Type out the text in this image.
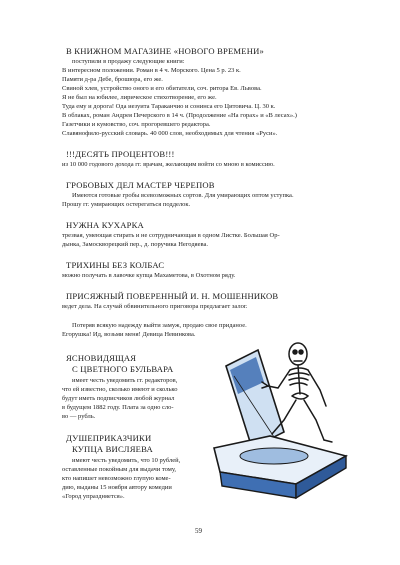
В КНИЖНОМ МАГАЗИНЕ «НОВОГО ВРЕМЕНИ»
поступили в продажу следующие книги:
В интересном положении. Роман в 4 ч. Морского. Цена 5 р. 23 к.
Памяти д-ра Дебе, брошюра, его же.
Свиной хлев, устройство оного и его обитатели, соч. ритора Ев. Львова.
Я не был на юбилее, лирическое стихотворение, его же.
Туда ему и дорога! Ода иезуита Тараканчио и сонинса его Цитовича. Ц. 30 к.
В облаках, роман Андрея Печерского в 14 ч. (Продолжение «На горах» и «В лесах».)
Газетчики и кумовство, соч. прогоревшего редактора.
Славянофило-русский словарь. 40 000 слов, необходимых для чтения «Руси».
!!!ДЕСЯТЬ ПРОЦЕНТОВ!!!
из 10 000 годового дохода гг. врачам, желающим войти со мною в комиссию.
ГРОБОВЫХ ДЕЛ МАСТЕР ЧЕРЕПОВ
Имеются готовые гробы всевозможных сортов. Для умирающих оптом уступка.
Прошу гг. умирающих остерегаться подделок.
НУЖНА КУХАРКА
трезвая, умеющая стирать и не сотрудничающая в одном Листке. Большая Ор-
дынка, Замоскворецкий пер., д. поручика Негодяева.
ТРИХИНЫ БЕЗ КОЛБАС
можно получать в лавочке купца Махаметова, в Охотном ряду.
ПРИСЯЖНЫЙ ПОВЕРЕННЫЙ И. Н. МОШЕННИКОВ
ведет дела. На случай обвинительного приговора предлагает залог.
Потеряв всякую надежду выйти замуж, продаю свое приданое.
Егорушка! Ид, возьми меня! Девица Невинкова.
ЯСНОВИДЯЩАЯ
С ЦВЕТНОГО БУЛЬВАРА
имеет честь уведомить гг. редакторов,
что ей известно, сколько имеют и сколько
будут иметь подписчиков любой журнал
в будущем 1882 году. Плата за одно сло-
во — рубль.
ДУШЕПРИКАЗЧИКИ
КУПЦА ВИСЛЯЕВА
имеют честь уведомить, что 10 рублей,
оставленные покойным для выдачи тому,
кто напишет невозможно глупую коме-
дию, выданы 15 ноября автору комедии
«Город упраздняется».
59
